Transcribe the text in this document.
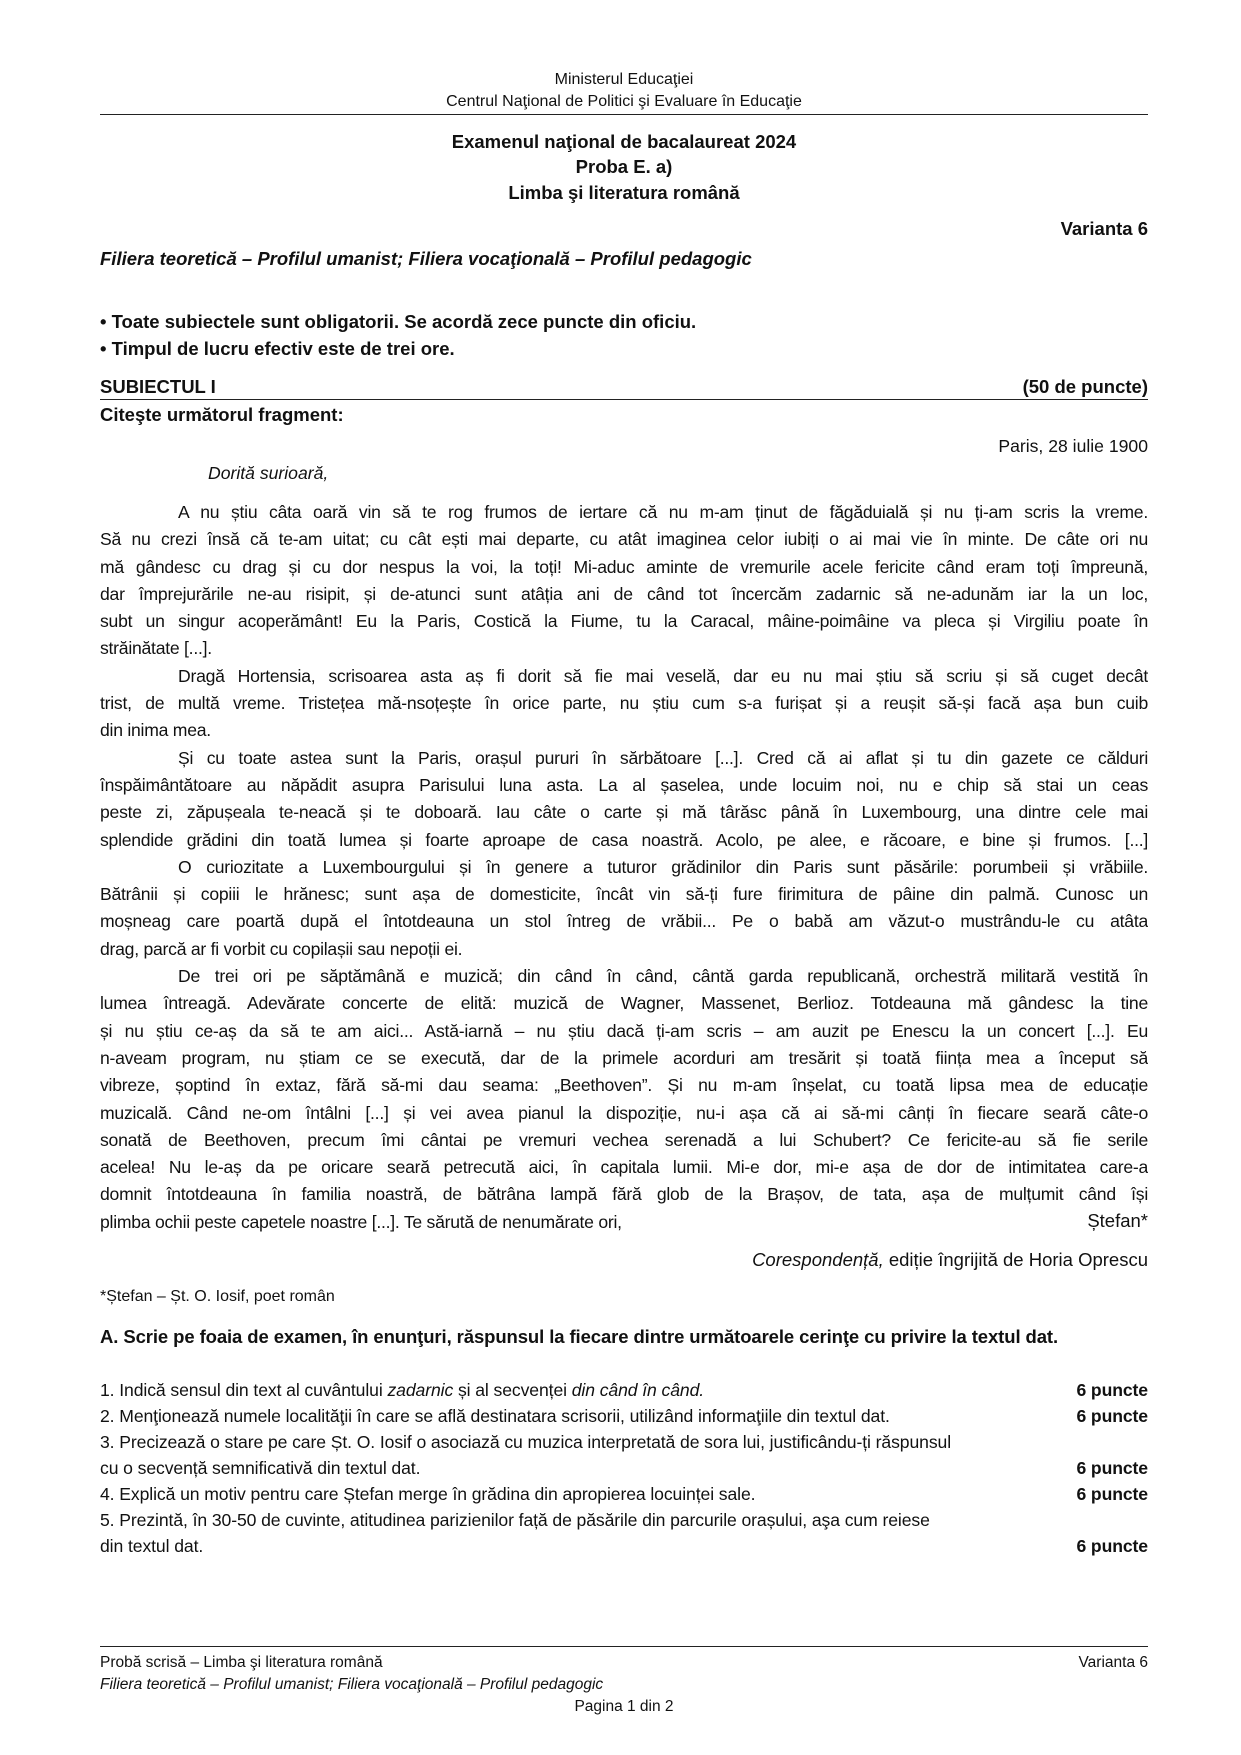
Ministerul Educaţiei
Centrul Naţional de Politici şi Evaluare în Educaţie
Examenul naţional de bacalaureat 2024
Proba E. a)
Limba şi literatura română
Varianta 6
Filiera teoretică – Profilul umanist; Filiera vocaţională – Profilul pedagogic
• Toate subiectele sunt obligatorii. Se acordă zece puncte din oficiu.
• Timpul de lucru efectiv este de trei ore.
SUBIECTUL I	(50 de puncte)
Citeşte următorul fragment:
Paris, 28 iulie 1900
Dorită surioară,
A nu știu câta oară vin să te rog frumos de iertare că nu m-am ținut de făgăduială și nu ți-am scris la vreme.
Să nu crezi însă că te-am uitat; cu cât ești mai departe, cu atât imaginea celor iubiți o ai mai vie în minte. De câte ori nu
mă gândesc cu drag și cu dor nespus la voi, la toți! Mi-aduc aminte de vremurile acele fericite când eram toți împreună,
dar împrejurările ne-au risipit, și de-atunci sunt atâția ani de când tot încercăm zadarnic să ne-adunăm iar la un loc,
subt un singur acoperământ! Eu la Paris, Costică la Fiume, tu la Caracal, mâine-poimâine va pleca și Virgiliu poate în
străinătate [...].
Dragă Hortensia, scrisoarea asta aș fi dorit să fie mai veselă, dar eu nu mai știu să scriu și să cuget decât
trist, de multă vreme. Tristețea mă-nsoțește în orice parte, nu știu cum s-a furișat și a reușit să-și facă așa bun cuib
din inima mea.
Și cu toate astea sunt la Paris, orașul pururi în sărbătoare [...]. Cred că ai aflat și tu din gazete ce călduri
înspăimântătoare au năpădit asupra Parisului luna asta. La al șaselea, unde locuim noi, nu e chip să stai un ceas
peste zi, zăpușeala te-neacă și te doboară. Iau câte o carte și mă târăsc până în Luxembourg, una dintre cele mai
splendide grădini din toată lumea și foarte aproape de casa noastră. Acolo, pe alee, e răcoare, e bine și frumos. [...]
O curiozitate a Luxembourgului și în genere a tuturor grădinilor din Paris sunt păsările: porumbeii și vrăbiile.
Bătrânii și copiii le hrănesc; sunt așa de domesticite, încât vin să-ți fure firimitura de pâine din palmă. Cunosc un
moșneag care poartă după el întotdeauna un stol întreg de vrăbii... Pe o babă am văzut-o mustrându-le cu atâta
drag, parcă ar fi vorbit cu copilașii sau nepoții ei.
De trei ori pe săptămână e muzică; din când în când, cântă garda republicană, orchestră militară vestită în
lumea întreagă. Adevărate concerte de elită: muzică de Wagner, Massenet, Berlioz. Totdeauna mă gândesc la tine
și nu știu ce-aș da să te am aici... Astă-iarnă – nu știu dacă ți-am scris – am auzit pe Enescu la un concert [...]. Eu
n-aveam program, nu știam ce se execută, dar de la primele acorduri am tresărit și toată ființa mea a început să
vibreze, șoptind în extaz, fără să-mi dau seama: „Beethoven”. Și nu m-am înșelat, cu toată lipsa mea de educație
muzicală. Când ne-om întâlni [...] și vei avea pianul la dispoziție, nu-i așa că ai să-mi cânți în fiecare seară câte-o
sonată de Beethoven, precum îmi cântai pe vremuri vechea serenadă a lui Schubert? Ce fericite-au să fie serile
acelea! Nu le-aș da pe oricare seară petrecută aici, în capitala lumii. Mi-e dor, mi-e așa de dor de intimitatea care-a
domnit întotdeauna în familia noastră, de bătrâna lampă fără glob de la Brașov, de tata, așa de mulțumit când își
plimba ochii peste capetele noastre [...]. Te sărută de nenumărate ori,	Ștefan*
Corespondență, ediție îngrijită de Horia Oprescu
*Ștefan – Șt. O. Iosif, poet român
A. Scrie pe foaia de examen, în enunţuri, răspunsul la fiecare dintre următoarele cerinţe cu privire la textul dat.
1. Indică sensul din text al cuvântului zadarnic și al secvenței din când în când.	6 puncte
2. Menţionează numele localităţii în care se află destinatara scrisorii, utilizând informaţiile din textul dat.	6 puncte
3. Precizează o stare pe care Șt. O. Iosif o asociază cu muzica interpretată de sora lui, justificându-ți răspunsul
cu o secvență semnificativă din textul dat.	6 puncte
4. Explică un motiv pentru care Ștefan merge în grădina din apropierea locuinței sale.	6 puncte
5. Prezintă, în 30-50 de cuvinte, atitudinea parizienilor față de păsările din parcurile orașului, aşa cum reiese
din textul dat.	6 puncte
Probă scrisă – Limba şi literatura română	Varianta 6
Filiera teoretică – Profilul umanist; Filiera vocaţională – Profilul pedagogic
Pagina 1 din 2
